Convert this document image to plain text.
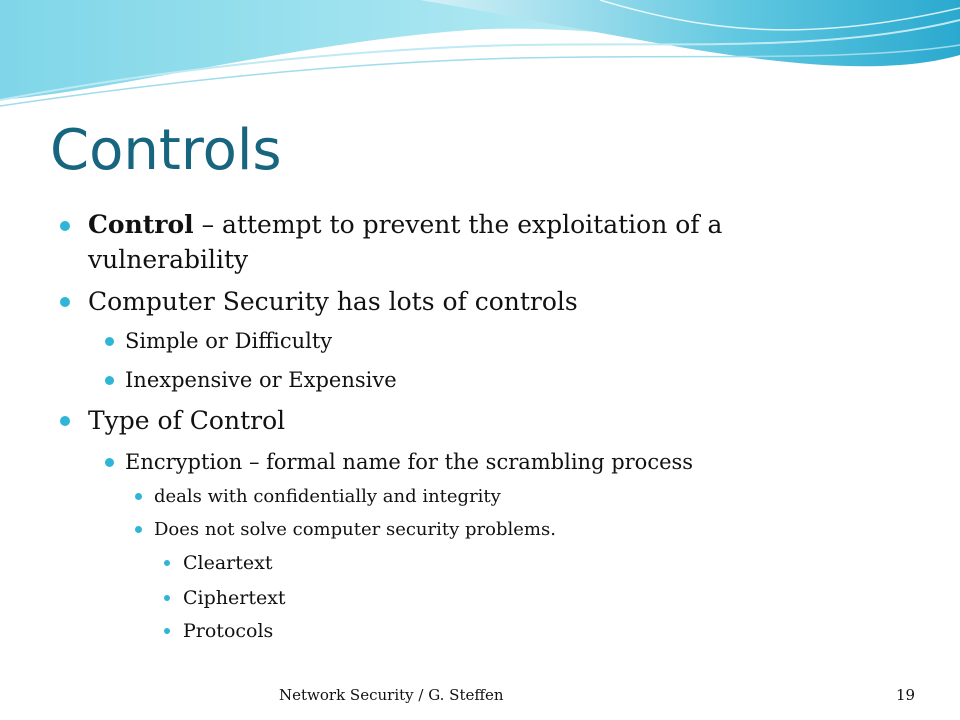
Controls
Control – attempt to prevent the exploitation of a
vulnerability
Computer Security has lots of controls
Simple or Difficulty
Inexpensive or Expensive
Type of Control
Encryption – formal name for the scrambling process
deals with confidentially and integrity
Does not solve computer security problems.
Cleartext
Ciphertext
Protocols
Network Security / G. Steffen	19
